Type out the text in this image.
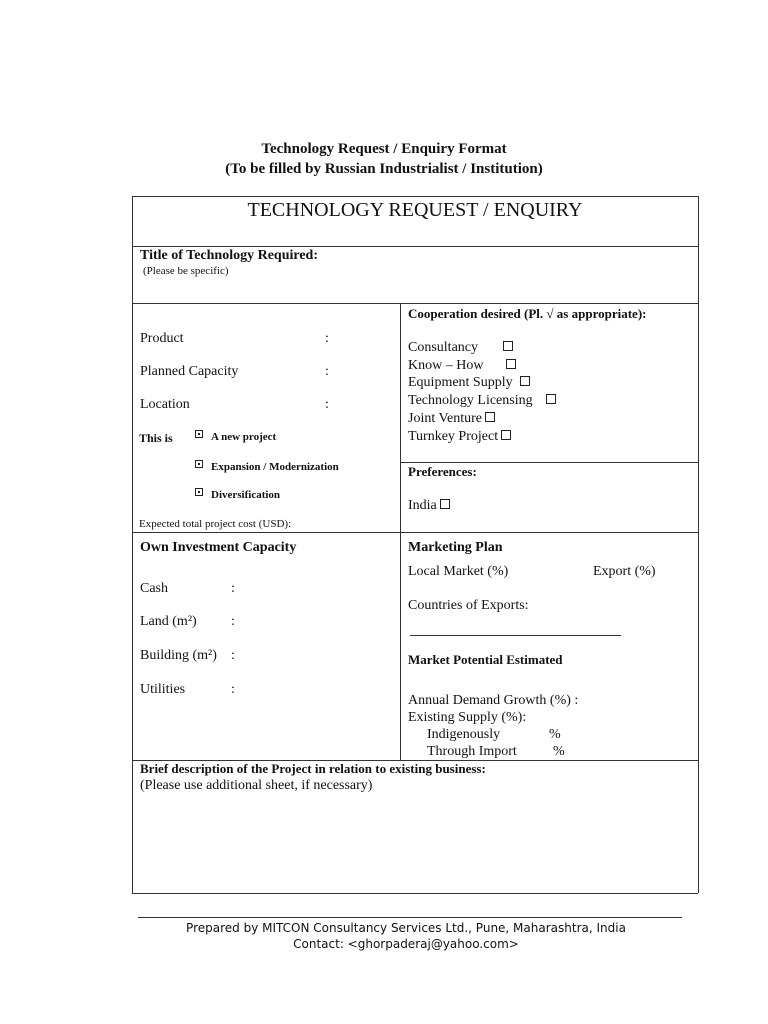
Technology Request / Enquiry Format
(To be filled by Russian Industrialist / Institution)
TECHNOLOGY REQUEST / ENQUIRY
Title of Technology Required:
(Please be specific)
Product	:
Planned Capacity	:
Location	:
This is	A new project
Expansion / Modernization
Diversification
Expected total project cost (USD):
Cooperation desired (Pl. √ as appropriate):
Consultancy
Know – How
Equipment Supply
Technology Licensing
Joint Venture
Turnkey Project
Preferences:
India
Own Investment Capacity
Cash	:
Land (m²) :
Building (m²) :
Utilities	:
Marketing Plan
Local Market (%)	Export (%)
Countries of Exports:
Market Potential Estimated
Annual Demand Growth (%) :
Existing Supply (%):
Indigenously	%
Through Import	%
Brief description of the Project in relation to existing business:
(Please use additional sheet, if necessary)
Prepared by MITCON Consultancy Services Ltd., Pune, Maharashtra, India
Contact: <ghorpaderaj@yahoo.com>
